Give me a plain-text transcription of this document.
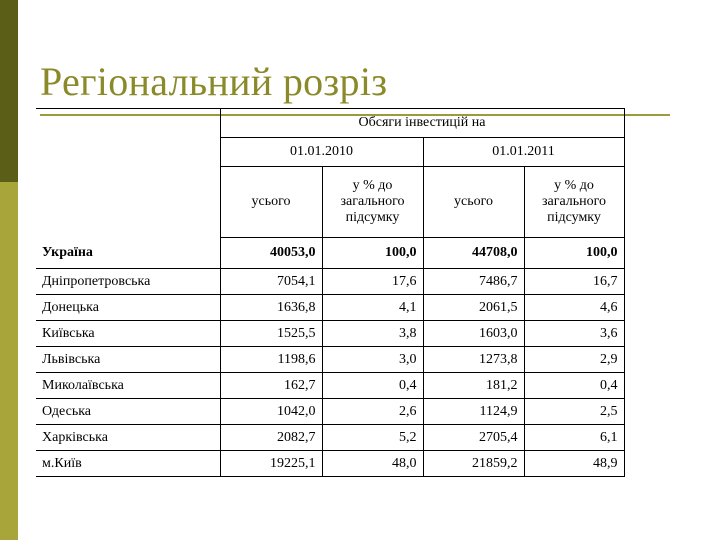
Регіональний розріз
	Обсяги інвестицій на			
	01.01.2010		01.01.2011	
	усього	у % до загального підсумку	усього	у % до загального підсумку
Україна	40053,0	100,0	44708,0	100,0
Дніпропетровська	7054,1	17,6	7486,7	16,7
Донецька	1636,8	4,1	2061,5	4,6
Київська	1525,5	3,8	1603,0	3,6
Львівська	1198,6	3,0	1273,8	2,9
Миколаївська	162,7	0,4	181,2	0,4
Одеська	1042,0	2,6	1124,9	2,5
Харківська	2082,7	5,2	2705,4	6,1
м.Київ	19225,1	48,0	21859,2	48,9
